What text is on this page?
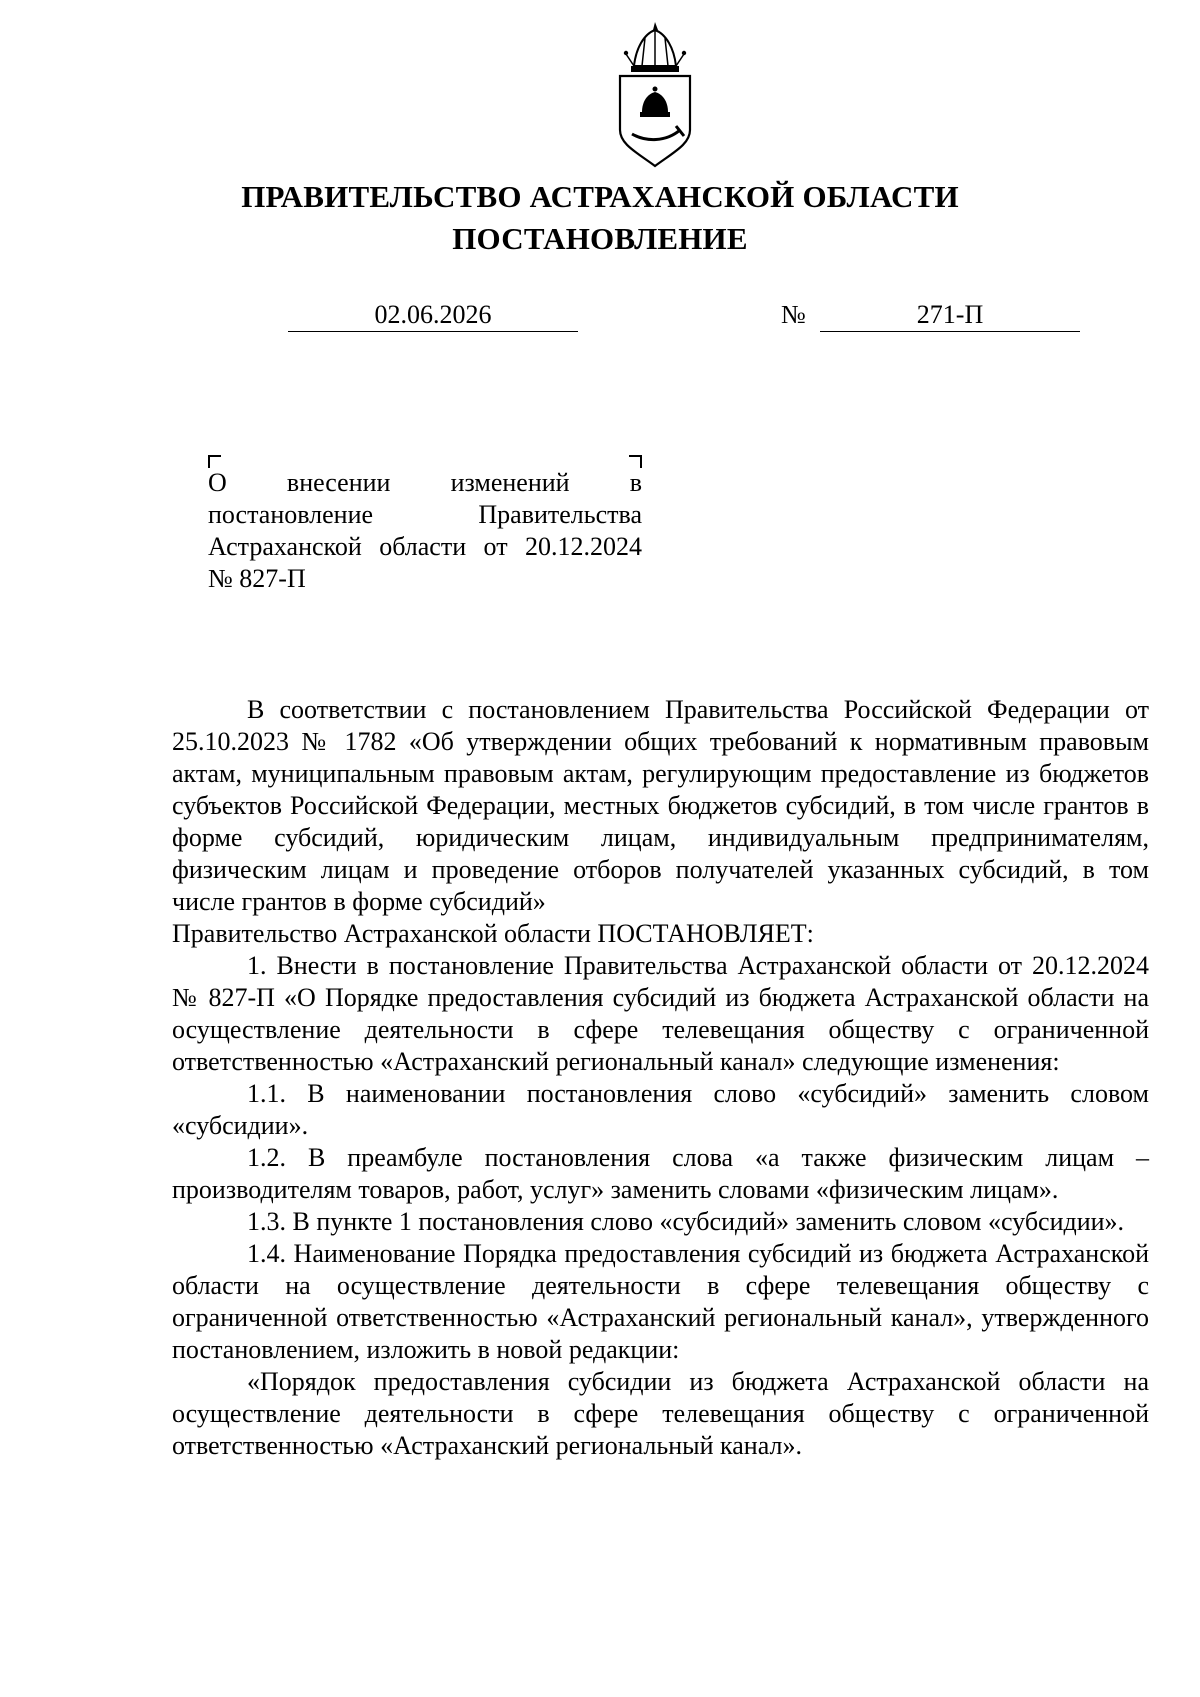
ПРАВИТЕЛЬСТВО АСТРАХАНСКОЙ ОБЛАСТИ
ПОСТАНОВЛЕНИЕ
02.06.2026	№	271-П
О внесении изменений в постановление Правительства Астраханской области от 20.12.2024
№ 827-П

В соответствии с постановлением Правительства Российской Федерации от 25.10.2023 № 1782 «Об утверждении общих требований к нормативным правовым актам, муниципальным правовым актам, регулирующим предоставление из бюджетов субъектов Российской Федерации, местных бюджетов субсидий, в том числе грантов в форме субсидий, юридическим лицам, индивидуальным предпринимателям, физическим лицам и проведение отборов получателей указанных субсидий, в том числе грантов в форме субсидий»

Правительство Астраханской области ПОСТАНОВЛЯЕТ:

1. Внести в постановление Правительства Астраханской области от 20.12.2024 № 827-П «О Порядке предоставления субсидий из бюджета Астраханской области на осуществление деятельности в сфере телевещания обществу с ограниченной ответственностью «Астраханский региональный канал» следующие изменения:

1.1. В наименовании постановления слово «субсидий» заменить словом «субсидии».

1.2. В преамбуле постановления слова «а также физическим лицам – производителям товаров, работ, услуг» заменить словами «физическим лицам».

1.3. В пункте 1 постановления слово «субсидий» заменить словом «субсидии».

1.4. Наименование Порядка предоставления субсидий из бюджета Астраханской области на осуществление деятельности в сфере телевещания обществу с ограниченной ответственностью «Астраханский региональный канал», утвержденного постановлением, изложить в новой редакции:

«Порядок предоставления субсидии из бюджета Астраханской области на осуществление деятельности в сфере телевещания обществу с ограниченной ответственностью «Астраханский региональный канал».
